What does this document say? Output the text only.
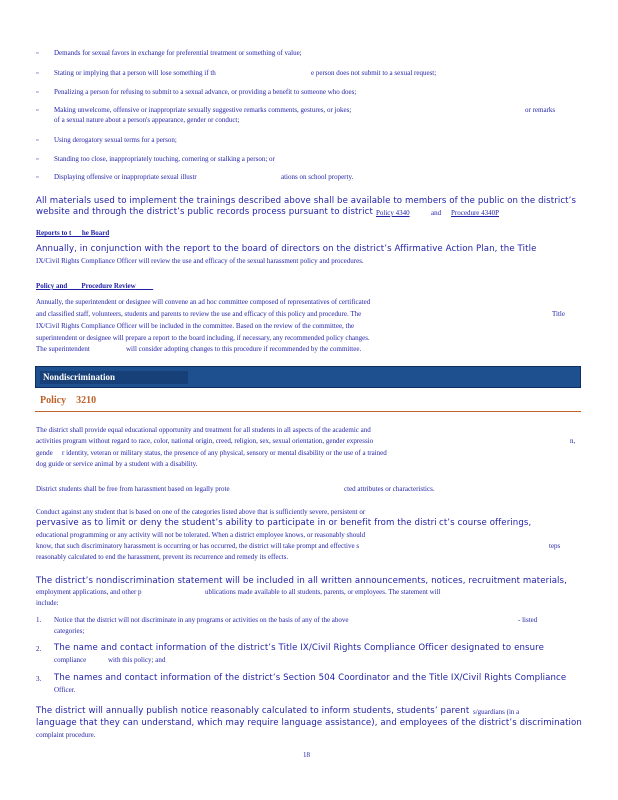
▫ Demands for sexual favors in exchange for preferential treatment or something of value;
▫ Stating or implying that a person will lose something if th	e person does not submit to a sexual request;
▫ Penalizing a person for refusing to submit to a sexual advance, or providing a benefit to someone who does;
▫ Making unwelcome, offensive or inappropriate sexually suggestive remarks comments, gestures, or jokes;	or remarks
of a sexual nature about a person's appearance, gender or conduct;
▫ Using derogatory sexual terms for a person;
▫ Standing too close, inappropriately touching, cornering or stalking a person; or
▫ Displaying offensive or inappropriate sexual illustr	ations on school property.
All materials used to implement the trainings described above shall be available to members of the public on the district’s
website and through the district’s public records process pursuant to district Policy 4340	and Procedure 4340P
Reports to t he Board
Annually, in conjunction with the report to the board of directors on the district’s Affirmative Action Plan, the Title
IX/Civil Rights Compliance Officer will review the use and efficacy of the sexual harassment policy and procedures.
Policy and Procedure Review
Annually, the superintendent or designee will convene an ad hoc committee composed of representatives of certificated
and classified staff, volunteers, students and parents to review the use and efficacy of this policy and procedure. The	Title
IX/Civil Rights Compliance Officer will be included in the committee. Based on the review of the committee, the
superintendent or designee will prepare a report to the board including, if necessary, any recommended policy changes.
The superintendent	will consider adopting changes to this procedure if recommended by the committee.
Nondiscrimination
Policy 3210
The district shall provide equal educational opportunity and treatment for all students in all aspects of the academic and
activities program without regard to race, color, national origin, creed, religion, sex, sexual orientation, gender expressio	n,
gende r identity, veteran or military status, the presence of any physical, sensory or mental disability or the use of a trained
dog guide or service animal by a student with a disability.
District students shall be free from harassment based on legally prote	cted attributes or characteristics.
Conduct against any student that is based on one of the categories listed above that is sufficiently severe, persistent or
pervasive as to limit or deny the student’s ability to participate in or benefit from the distri ct’s course offerings,
educational programming or any activity will not be tolerated. When a district employee knows, or reasonably should
know, that such discriminatory harassment is occurring or has occurred, the district will take prompt and effective s	teps
reasonably calculated to end the harassment, prevent its recurrence and remedy its effects.
The district’s nondiscrimination statement will be included in all written announcements, notices, recruitment materials,
employment applications, and other p	ublications made available to all students, parents, or employees. The statement will
include:
1. Notice that the district will not discriminate in any programs or activities on the basis of any of the above	- listed
categories;
2. The name and contact information of the district’s Title IX/Civil Rights Compliance Officer designated to ensure
compliance	with this policy; and
3. The names and contact information of the district’s Section 504 Coordinator and the Title IX/Civil Rights Compliance
Officer.
The district will annually publish notice reasonably calculated to inform students, students’ parent s/guardians (in a
language that they can understand, which may require language assistance), and employees of the district’s discrimination
complaint procedure.
18
